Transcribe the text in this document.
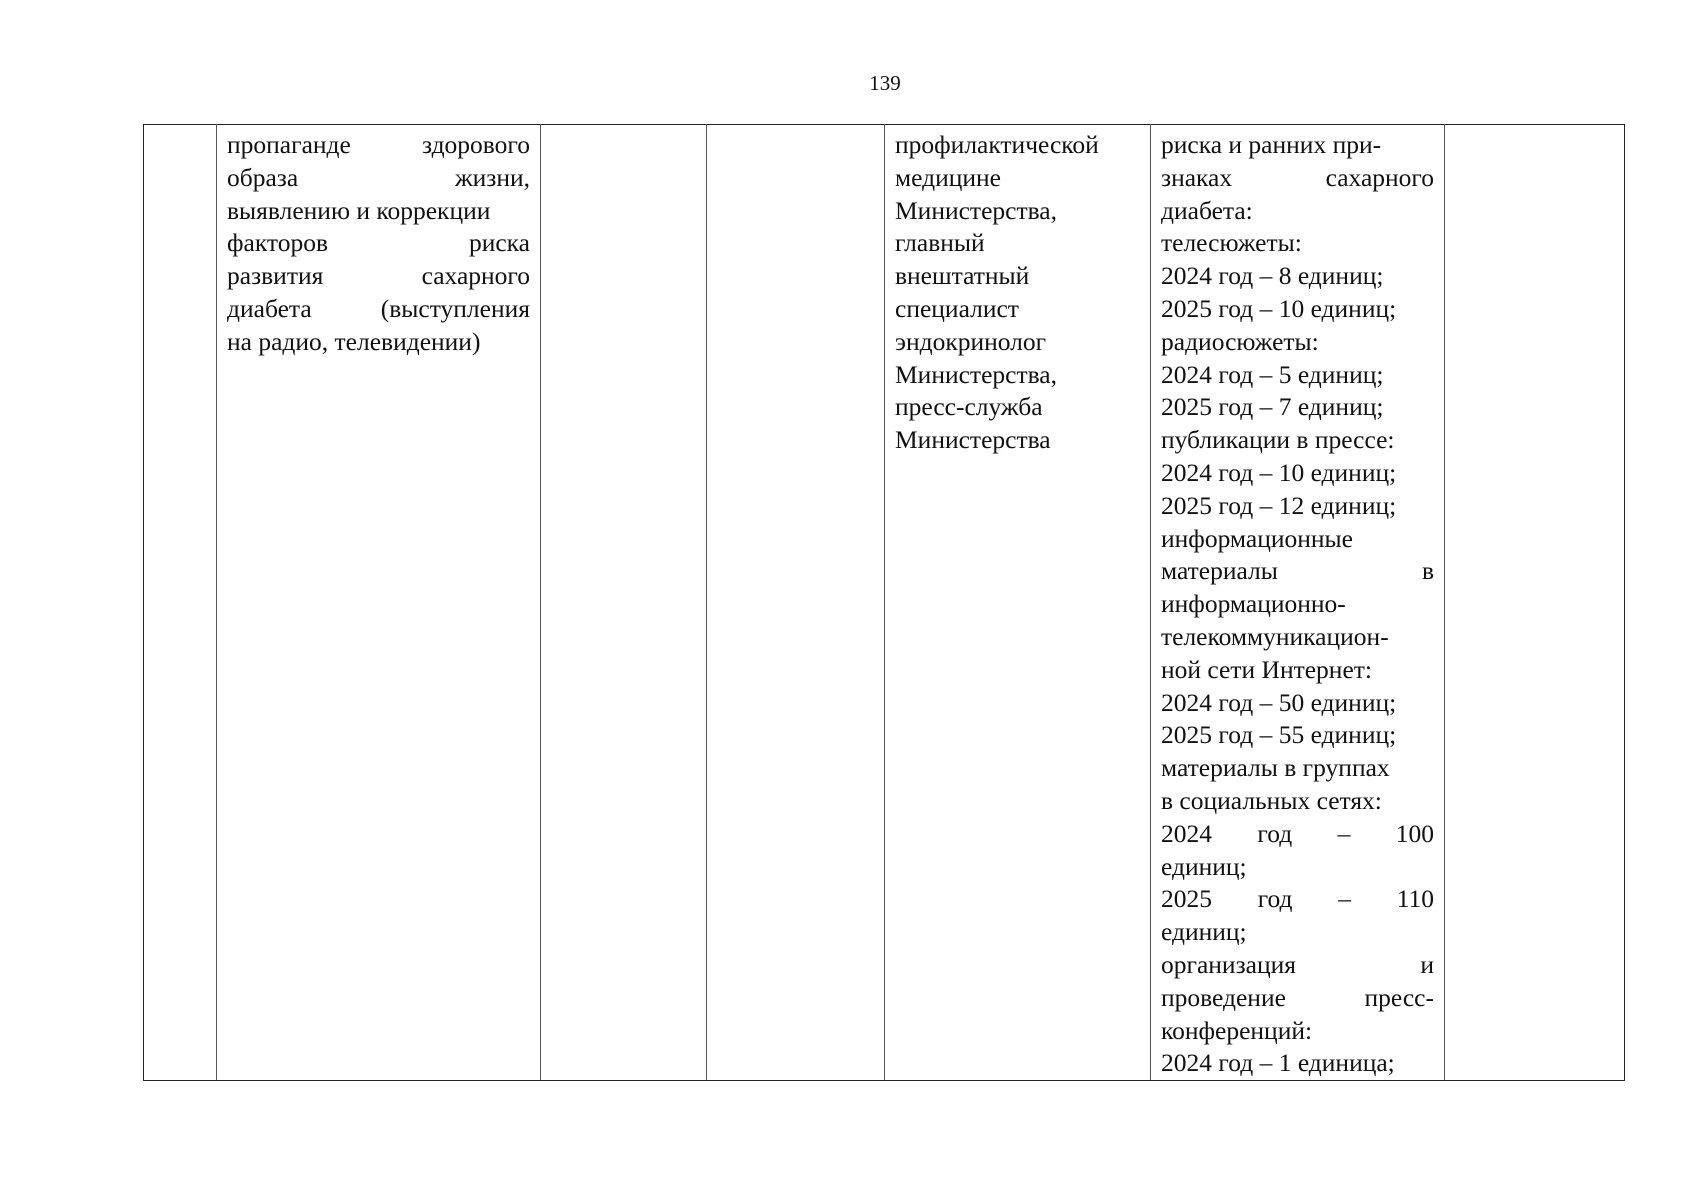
139

пропаганде	здорового
образа	жизни,
выявлению и коррекции
факторов	риска
развития	сахарного
диабета	(выступления
на радио, телевидении)

профилактической
медицине
Министерства,
главный
внештатный
специалист
эндокринолог
Министерства,
пресс-служба
Министерства

риска и ранних при-
знаках	сахарного
диабета:
телесюжеты:
2024 год – 8 единиц;
2025 год – 10 единиц;
радиосюжеты:
2024 год – 5 единиц;
2025 год – 7 единиц;
публикации в прессе:
2024 год – 10 единиц;
2025 год – 12 единиц;
информационные
материалы	в
информационно-
телекоммуникацион-
ной сети Интернет:
2024 год – 50 единиц;
2025 год – 55 единиц;
материалы в группах
в социальных сетях:
2024 год – 100
единиц;
2025 год – 110
единиц;
организация	и
проведение	пресс-
конференций:
2024 год – 1 единица;
